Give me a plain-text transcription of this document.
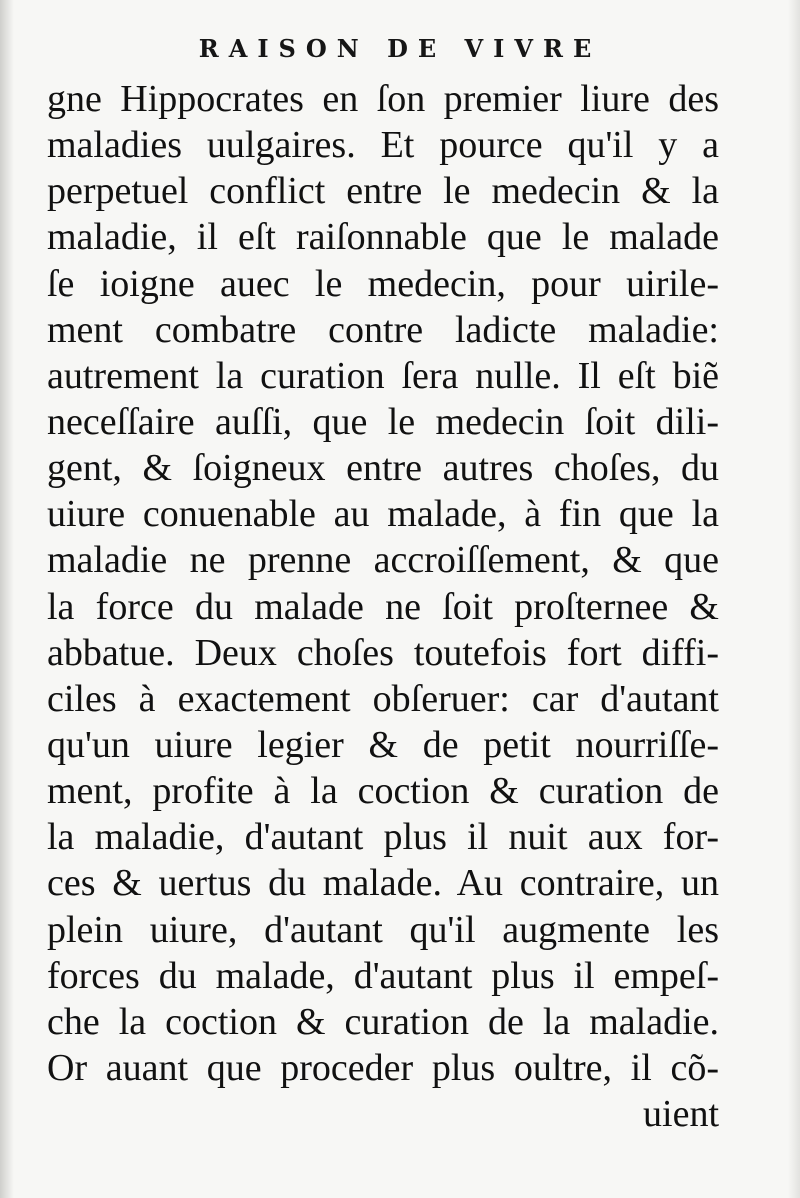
RAISON DE VIVRE
gne Hippocrates en ſon premier liure des
maladies uulgaires. Et pource qu'il y a
perpetuel conflict entre le medecin & la
maladie, il eſt raiſonnable que le malade
ſe ioigne auec le medecin, pour uirile-
ment combatre contre ladicte maladie:
autrement la curation ſera nulle. Il eſt biẽ
neceſſaire auſſi, que le medecin ſoit dili-
gent, & ſoigneux entre autres choſes, du
uiure conuenable au malade, à fin que la
maladie ne prenne accroiſſement, & que
la force du malade ne ſoit proſternee &
abbatue. Deux choſes toutefois fort diffi-
ciles à exactement obſeruer: car d'autant
qu'un uiure legier & de petit nourriſſe-
ment, profite à la coction & curation de
la maladie, d'autant plus il nuit aux for-
ces & uertus du malade. Au contraire, un
plein uiure, d'autant qu'il augmente les
forces du malade, d'autant plus il empeſ-
che la coction & curation de la maladie.
Or auant que proceder plus oultre, il cõ-
uient
